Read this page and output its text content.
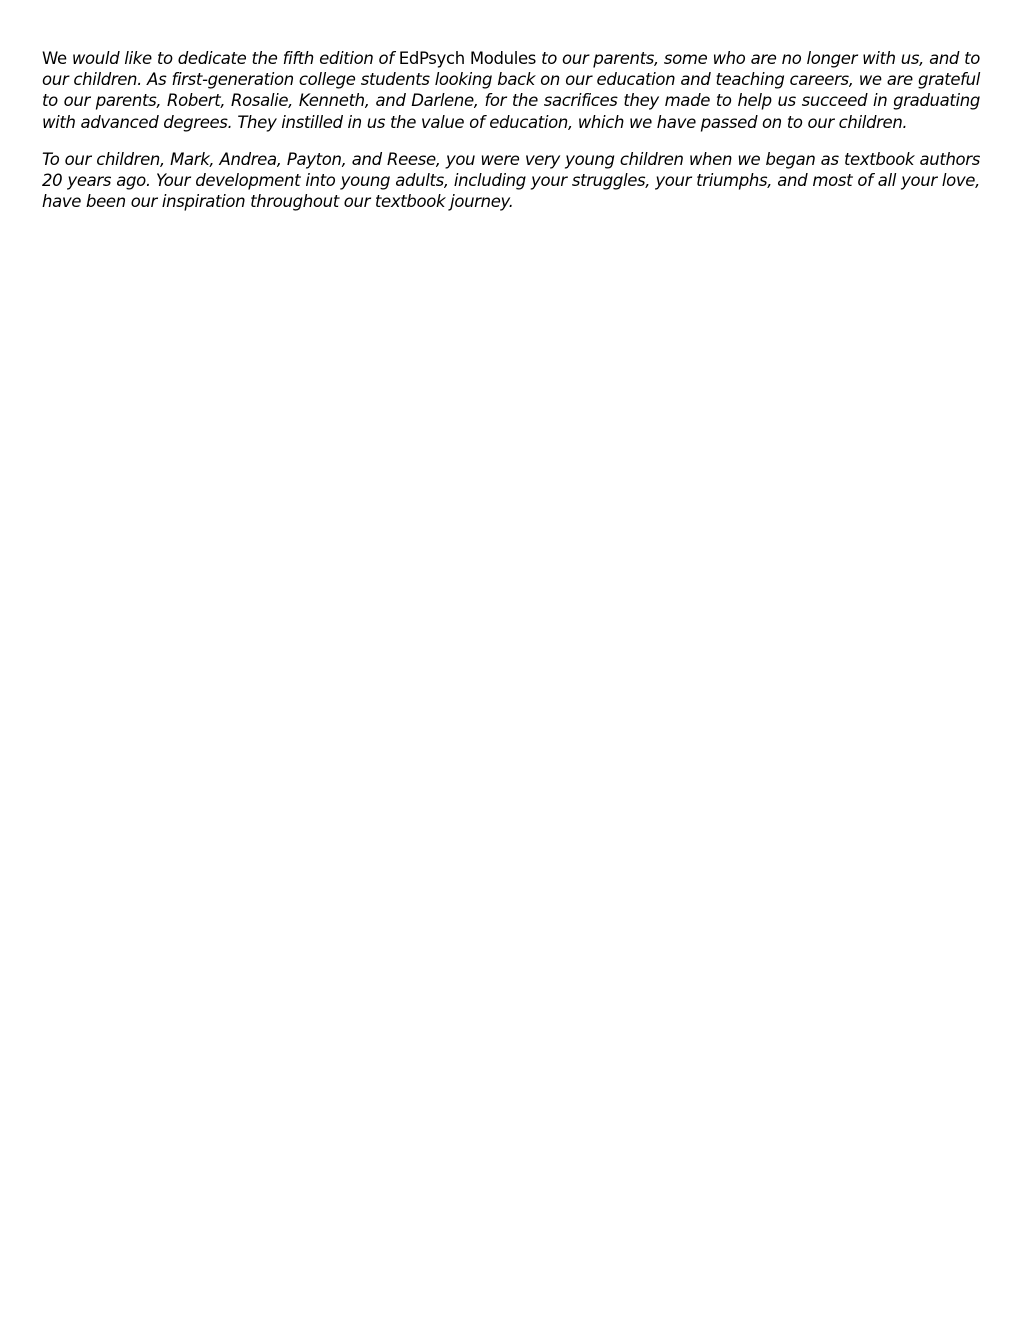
We would like to dedicate the fifth edition of EdPsych Modules to our parents, some who are no longer with us, and to our children. As first-generation college students looking back on our education and teaching careers, we are grateful to our parents, Robert, Rosalie, Kenneth, and Darlene, for the sacrifices they made to help us succeed in graduating with advanced degrees. They instilled in us the value of education, which we have passed on to our children.

To our children, Mark, Andrea, Payton, and Reese, you were very young children when we began as textbook authors 20 years ago. Your development into young adults, including your struggles, your triumphs, and most of all your love, have been our inspiration throughout our textbook journey.
